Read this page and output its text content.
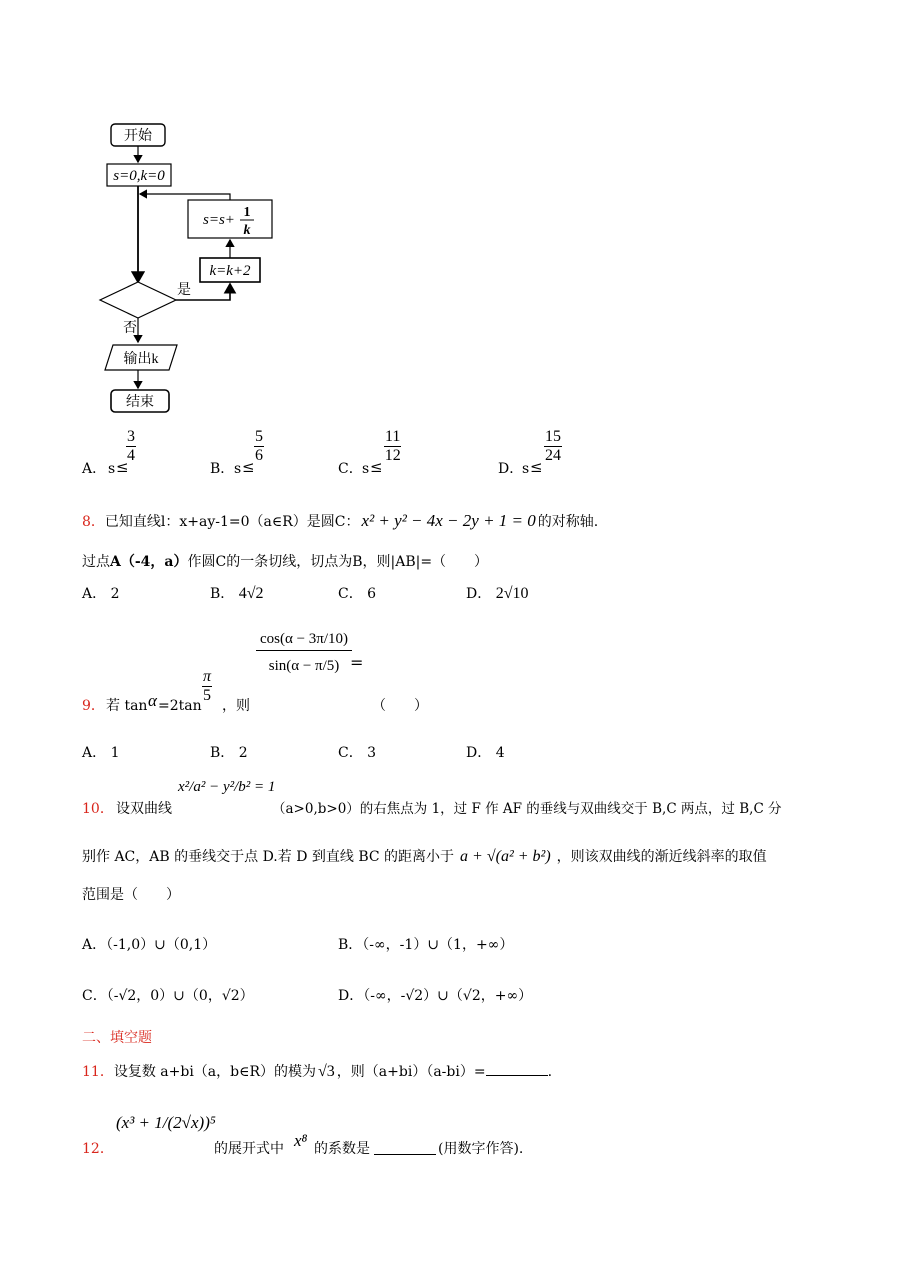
开始
s=0,k=0
s=s+ 1
k
k=k+2
是
否
输出k
结束
A． s ≤
$\frac{3}{4}$
B． s ≤
$\frac{5}{6}$
C． s ≤
$\frac{11}{12}$
D．
s ≤
$\frac{15}{24}$
8．已知直线l：x+ay-1=0（a∈R）是圆C： x² + y² − 4x − 2y + 1 = 0 的对称轴.
过点A（-4，a）作圆C的一条切线，切点为B，则|AB|=（　　）
A． 2	B． 4√2	C． 6	D． 2√10
9． 若 tan α =2tan
$\frac{\pi}{5}$
，则
$\frac{\cos(\alpha - 3\pi/10)}{\sin(\alpha - \pi/5)}$
=
（　　）
A． 1	B． 2	C． 3	D． 4
10． 设双曲线
x²/a² − y²/b² = 1
（a>0,b>0）的右焦点为 1，过 F 作 AF 的垂线与双曲线交于 B,C 两点，过 B,C 分
别作 AC，AB 的垂线交于点 D.若 D 到直线 BC 的距离小于 a + √(a² + b²) ，则该双曲线的渐近线斜率的取值
范围是（　　）
A．（-1,0）∪（0,1）	B．（-∞，-1）∪（1，+∞）
C．（-√2，0）∪（0，√2）	D．（-∞，-√2）∪（√2，+∞）
二、填空题
11．设复数 a+bi（a，b∈R）的模为 √3 ，则（a+bi）（a-bi）=	.
12．
(x³ + 1/(2√x))⁵
的展开式中 x⁸ 的系数是	(用数字作答).
